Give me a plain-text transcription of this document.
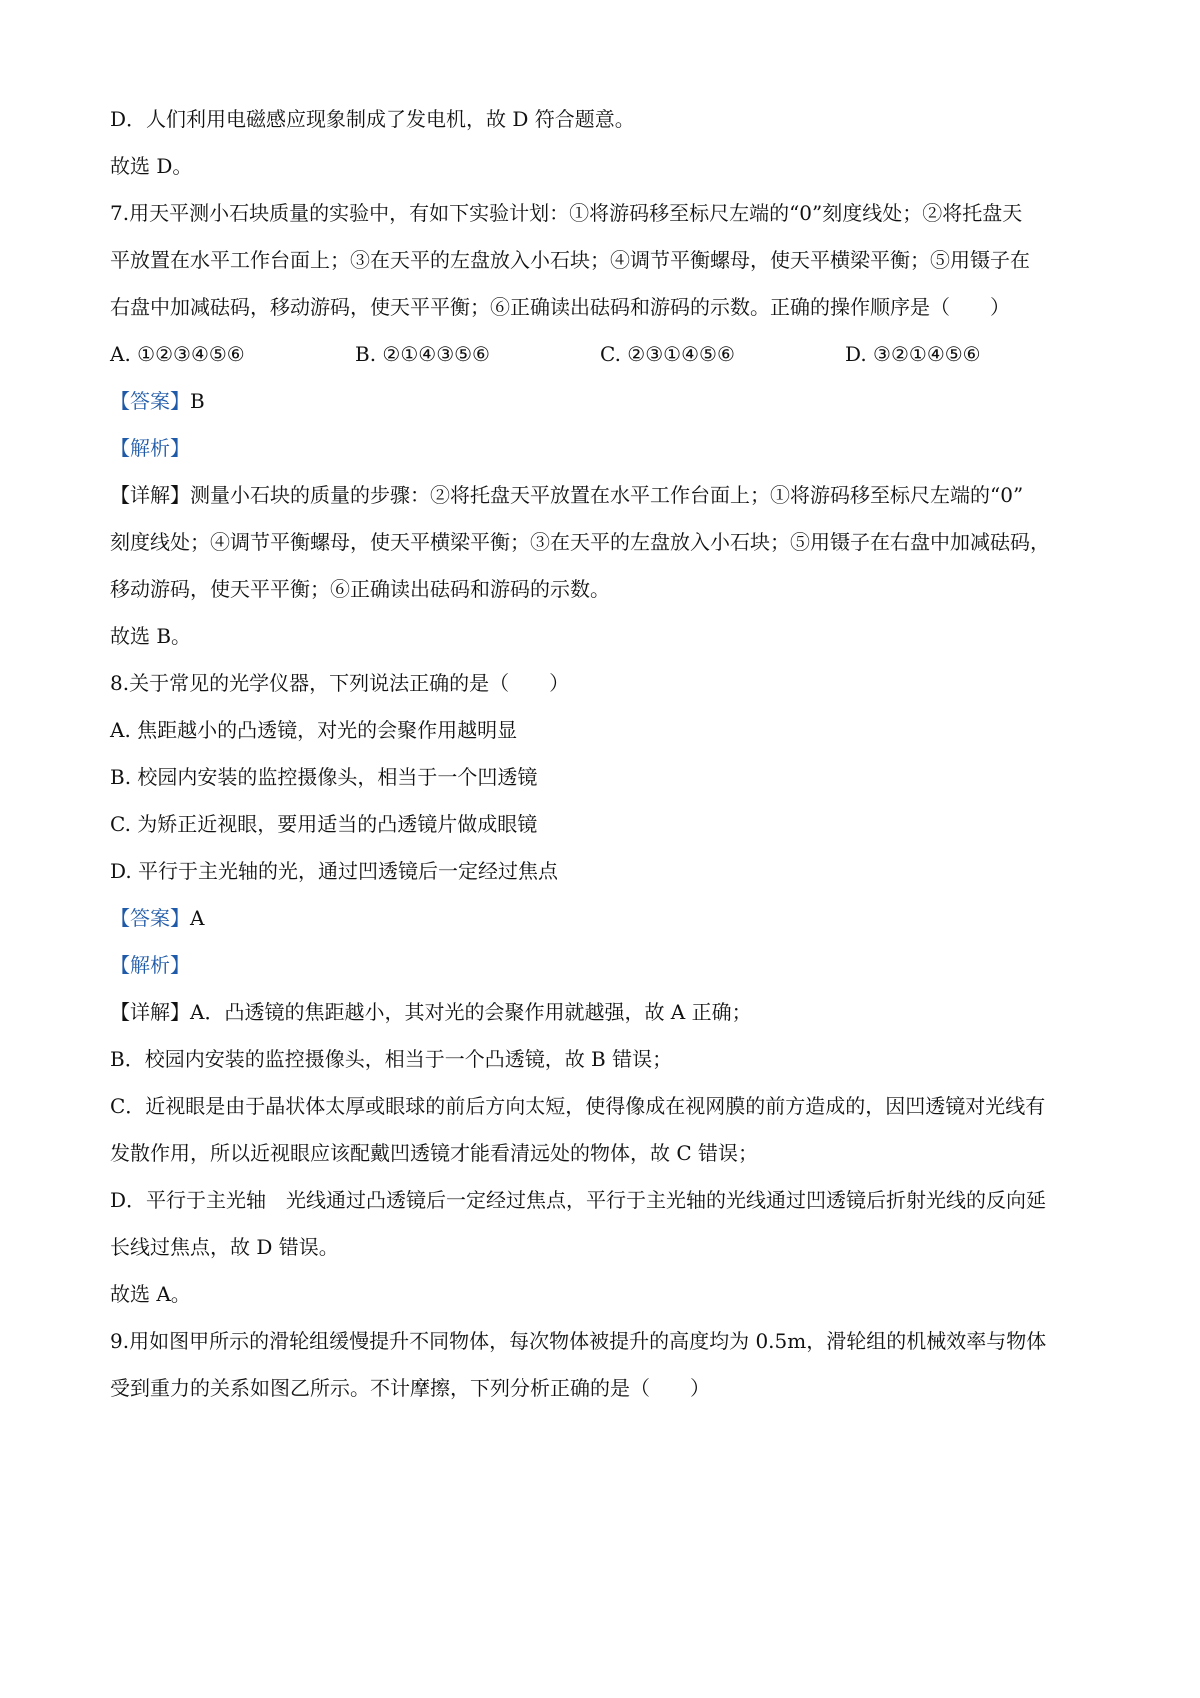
D．人们利用电磁感应现象制成了发电机，故 D 符合题意。
故选 D。
7.用天平测小石块质量的实验中，有如下实验计划：①将游码移至标尺左端的“0”刻度线处；②将托盘天
平放置在水平工作台面上；③在天平的左盘放入小石块；④调节平衡螺母，使天平横梁平衡；⑤用镊子在
右盘中加减砝码，移动游码，使天平平衡；⑥正确读出砝码和游码的示数。正确的操作顺序是（　　）
A. ①②③④⑤⑥	B. ②①④③⑤⑥	C. ②③①④⑤⑥	D. ③②①④⑤⑥
【答案】B
【解析】
【详解】测量小石块的质量的步骤：②将托盘天平放置在水平工作台面上；①将游码移至标尺左端的“0”
刻度线处；④调节平衡螺母，使天平横梁平衡；③在天平的左盘放入小石块；⑤用镊子在右盘中加减砝码，
移动游码，使天平平衡；⑥正确读出砝码和游码的示数。
故选 B。
8.关于常见的光学仪器，下列说法正确的是（　　）
A. 焦距越小的凸透镜，对光的会聚作用越明显
B. 校园内安装的监控摄像头，相当于一个凹透镜
C. 为矫正近视眼，要用适当的凸透镜片做成眼镜
D. 平行于主光轴的光，通过凹透镜后一定经过焦点
【答案】A
【解析】
【详解】A．凸透镜的焦距越小，其对光的会聚作用就越强，故 A 正确；
B．校园内安装的监控摄像头，相当于一个凸透镜，故 B 错误；
C．近视眼是由于晶状体太厚或眼球的前后方向太短，使得像成在视网膜的前方造成的，因凹透镜对光线有
发散作用，所以近视眼应该配戴凹透镜才能看清远处的物体，故 C 错误；
D．平行于主光轴　光线通过凸透镜后一定经过焦点，平行于主光轴的光线通过凹透镜后折射光线的反向延
长线过焦点，故 D 错误。
故选 A。
9.用如图甲所示的滑轮组缓慢提升不同物体，每次物体被提升的高度均为 0.5m，滑轮组的机械效率与物体
受到重力的关系如图乙所示。不计摩擦，下列分析正确的是（　　）
